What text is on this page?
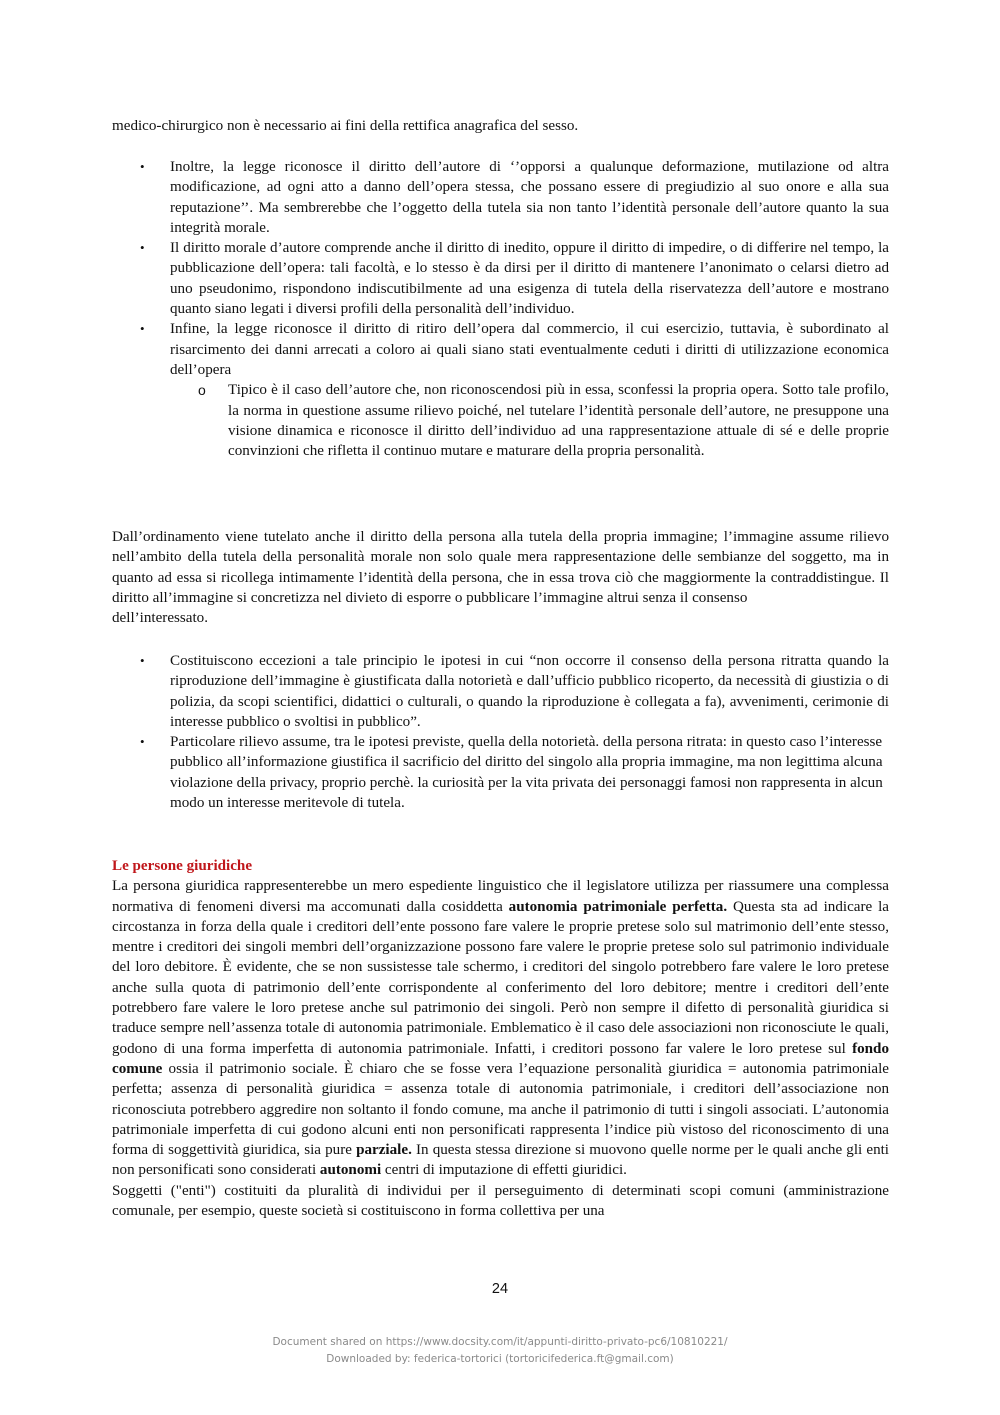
medico-chirurgico non è necessario ai fini della rettifica anagrafica del sesso.

• Inoltre, la legge riconosce il diritto dell’autore di ‘’opporsi a qualunque deformazione, mutilazione od altra modificazione, ad ogni atto a danno dell’opera stessa, che possano essere di pregiudizio al suo onore e alla sua reputazione’’. Ma sembrerebbe che l’oggetto della tutela sia non tanto l’identità personale dell’autore quanto la sua integrità morale.

• Il diritto morale d’autore comprende anche il diritto di inedito, oppure il diritto di impedire, o di differire nel tempo, la pubblicazione dell’opera: tali facoltà, e lo stesso è da dirsi per il diritto di mantenere l’anonimato o celarsi dietro ad uno pseudonimo, rispondono indiscutibilmente ad una esigenza di tutela della riservatezza dell’autore e mostrano quanto siano legati i diversi profili della personalità dell’individuo.

• Infine, la legge riconosce il diritto di ritiro dell’opera dal commercio, il cui esercizio, tuttavia, è subordinato al risarcimento dei danni arrecati a coloro ai quali siano stati eventualmente ceduti i diritti di utilizzazione economica dell’opera

o Tipico è il caso dell’autore che, non riconoscendosi più in essa, sconfessi la propria opera. Sotto tale profilo, la norma in questione assume rilievo poiché, nel tutelare l’identità personale dell’autore, ne presuppone una visione dinamica e riconosce il diritto dell’individuo ad una rappresentazione attuale di sé e delle proprie convinzioni che rifletta il continuo mutare e maturare della propria personalità.

Dall’ordinamento viene tutelato anche il diritto della persona alla tutela della propria immagine; l’immagine assume rilievo nell’ambito della tutela della personalità morale non solo quale mera rappresentazione delle sembianze del soggetto, ma in quanto ad essa si ricollega intimamente l’identità della persona, che in essa trova ciò che maggiormente la contraddistingue. Il diritto all’immagine si concretizza nel divieto di esporre o pubblicare l’immagine altrui senza il consenso

dell’interessato.

• Costituiscono eccezioni a tale principio le ipotesi in cui “non occorre il consenso della persona ritratta quando la riproduzione dell’immagine è giustificata dalla notorietà e dall’ufficio pubblico ricoperto, da necessità di giustizia o di polizia, da scopi scientifici, didattici o culturali, o quando la riproduzione è collegata a fa), avvenimenti, cerimonie di interesse pubblico o svoltisi in pubblico”.

• Particolare rilievo assume, tra le ipotesi previste, quella della notorietà. della persona ritrata: in questo caso l’interesse pubblico all’informazione giustifica il sacrificio del diritto del singolo alla propria immagine, ma non legittima alcuna violazione della privacy, proprio perchè. la curiosità per la vita privata dei personaggi famosi non rappresenta in alcun modo un interesse meritevole di tutela.

Le persone giuridiche

La persona giuridica rappresenterebbe un mero espediente linguistico che il legislatore utilizza per riassumere una complessa normativa di fenomeni diversi ma accomunati dalla cosiddetta autonomia patrimoniale perfetta. Questa sta ad indicare la circostanza in forza della quale i creditori dell’ente possono fare valere le proprie pretese solo sul matrimonio dell’ente stesso, mentre i creditori dei singoli membri dell’organizzazione possono fare valere le proprie pretese solo sul patrimonio individuale del loro debitore. È evidente, che se non sussistesse tale schermo, i creditori del singolo potrebbero fare valere le loro pretese anche sulla quota di patrimonio dell’ente corrispondente al conferimento del loro debitore; mentre i creditori dell’ente potrebbero fare valere le loro pretese anche sul patrimonio dei singoli. Però non sempre il difetto di personalità giuridica si traduce sempre nell’assenza totale di autonomia patrimoniale. Emblematico è il caso dele associazioni non riconosciute le quali, godono di una forma imperfetta di autonomia patrimoniale. Infatti, i creditori possono far valere le loro pretese sul fondo comune ossia il patrimonio sociale. È chiaro che se fosse vera l’equazione personalità giuridica = autonomia patrimoniale perfetta; assenza di personalità giuridica = assenza totale di autonomia patrimoniale, i creditori dell’associazione non riconosciuta potrebbero aggredire non soltanto il fondo comune, ma anche il patrimonio di tutti i singoli associati. L’autonomia patrimoniale imperfetta di cui godono alcuni enti non personificati rappresenta l’indice più vistoso del riconoscimento di una forma di soggettività giuridica, sia pure parziale. In questa stessa direzione si muovono quelle norme per le quali anche gli enti non personificati sono considerati autonomi centri di imputazione di effetti giuridici.

Soggetti ("enti") costituiti da pluralità di individui per il perseguimento di determinati scopi comuni (amministrazione comunale, per esempio, queste società si costituiscono in forma collettiva per una

24
Document shared on https://www.docsity.com/it/appunti-diritto-privato-pc6/10810221/
Downloaded by: federica-tortorici (tortoricifederica.ft@gmail.com)
